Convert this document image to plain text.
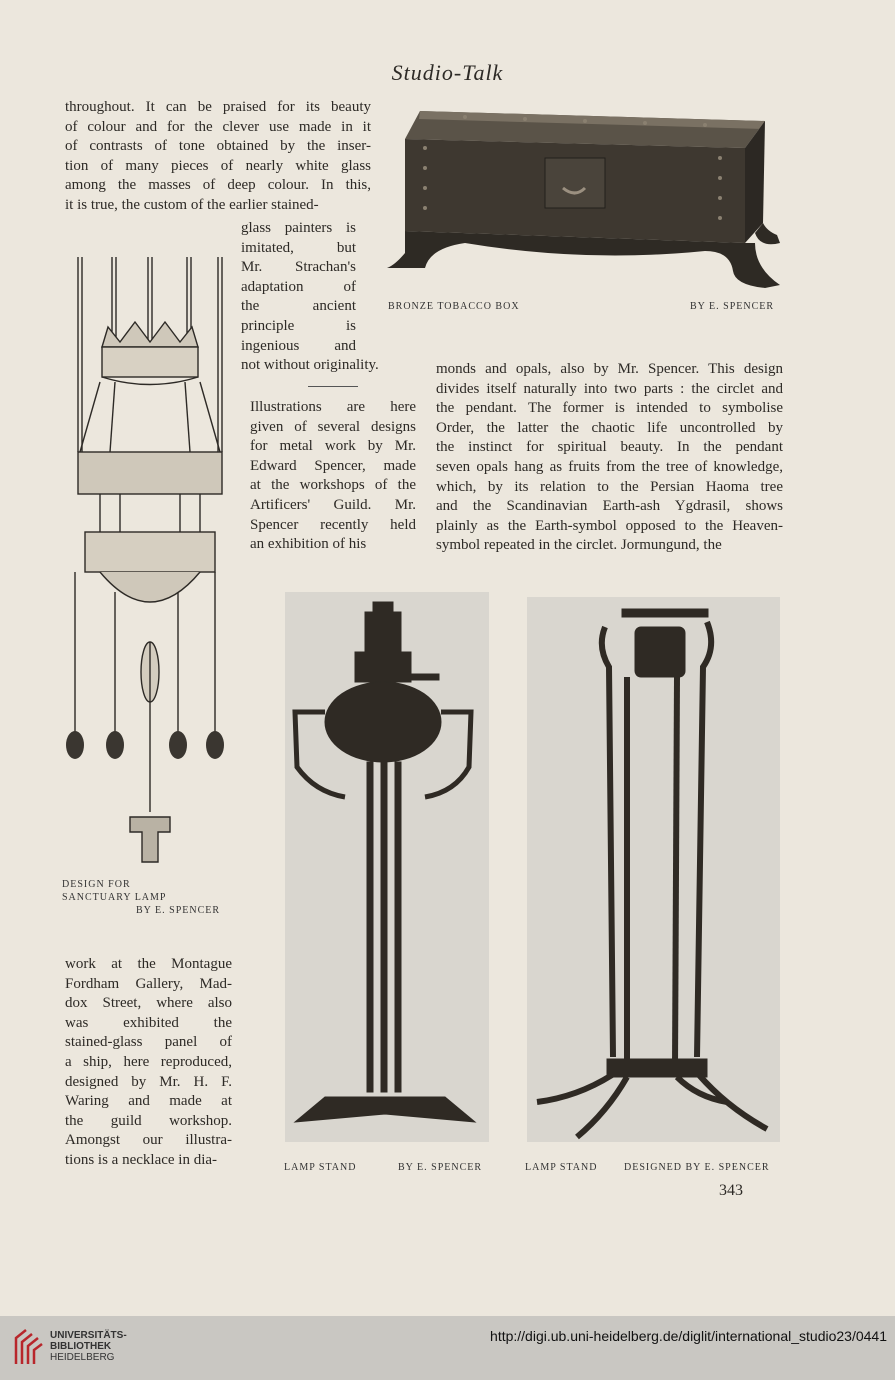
Studio-Talk
throughout. It can be praised for its beauty
of colour and for the clever use made in it
of contrasts of tone obtained by the inser-
tion of many pieces of nearly white glass
among the masses of deep colour. In this,
it is true, the custom of the earlier stained-
glass painters is
imitated, but
Mr. Strachan's
adaptation of
the ancient
principle is
ingenious and
not without originality.
Illustrations are here
given of several designs
for metal work by Mr.
Edward Spencer, made
at the workshops of the
Artificers' Guild. Mr.
Spencer recently held
an exhibition of his
monds and opals, also by Mr. Spencer. This design
divides itself naturally into two parts : the circlet and
the pendant. The former is intended to symbolise
Order, the latter the chaotic life uncontrolled by
the instinct for spiritual beauty. In the pendant
seven opals hang as fruits from the tree of knowledge,
which, by its relation to the Persian Haoma tree
and the Scandinavian Earth-ash Ygdrasil, shows
plainly as the Earth-symbol opposed to the Heaven-
symbol repeated in the circlet. Jormungund, the
work at the Montague
Fordham Gallery, Mad-
dox Street, where also
was exhibited the
stained-glass panel of
a ship, here reproduced,
designed by Mr. H. F.
Waring and made at
the guild workshop.
Amongst our illustra-
tions is a necklace in dia-
BRONZE TOBACCO BOX	BY E. SPENCER
DESIGN FOR
SANCTUARY LAMP
BY E. SPENCER
LAMP STAND	BY E. SPENCER	LAMP STAND	DESIGNED BY E. SPENCER
343
UNIVERSITÄTS-
BIBLIOTHEK
HEIDELBERG
http://digi.ub.uni-heidelberg.de/diglit/international_studio23/0441
